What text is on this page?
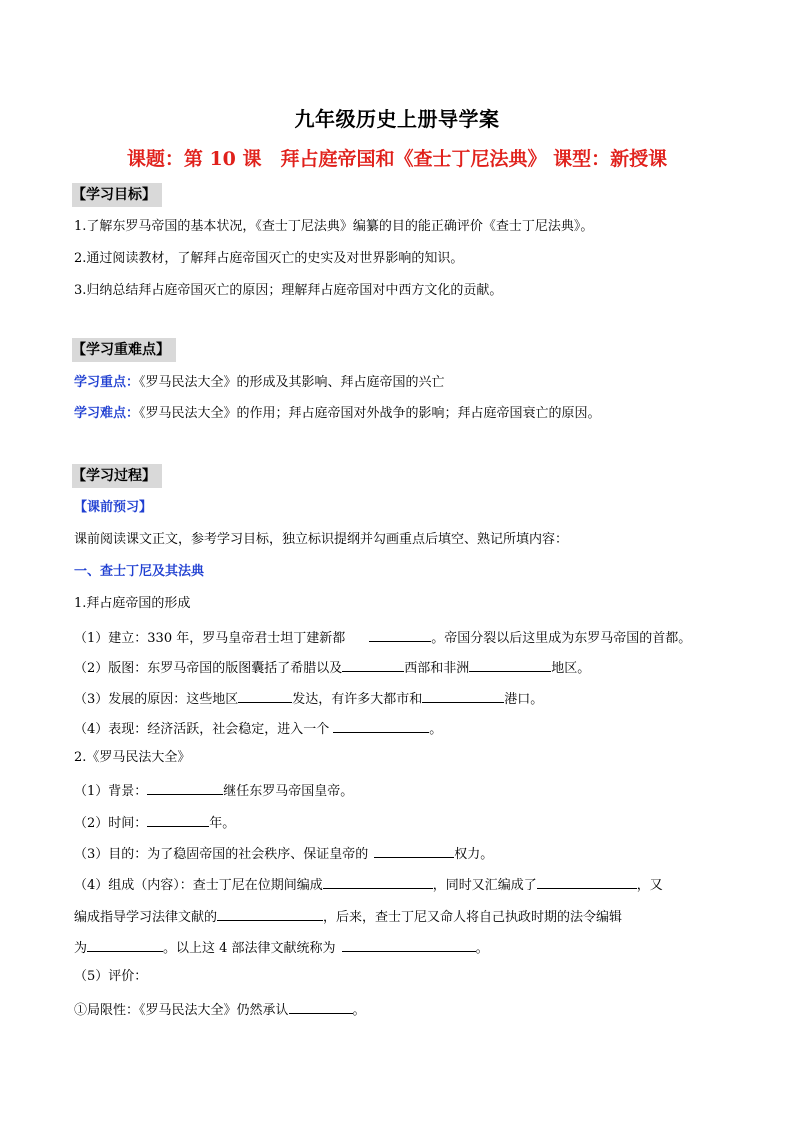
九年级历史上册导学案
课题：第 10 课　拜占庭帝国和《查士丁尼法典》 课型：新授课
【学习目标】
1.了解东罗马帝国的基本状况，《查士丁尼法典》编纂的目的能正确评价《查士丁尼法典》。
2.通过阅读教材，了解拜占庭帝国灭亡的史实及对世界影响的知识。
3.归纳总结拜占庭帝国灭亡的原因；理解拜占庭帝国对中西方文化的贡献。
【学习重难点】
学习重点：《罗马民法大全》的形成及其影响、拜占庭帝国的兴亡
学习难点：《罗马民法大全》的作用；拜占庭帝国对外战争的影响；拜占庭帝国衰亡的原因。
【学习过程】
【课前预习】
课前阅读课文正文，参考学习目标，独立标识提纲并勾画重点后填空、熟记所填内容：
一、查士丁尼及其法典
1.拜占庭帝国的形成
（1）建立：330 年，罗马皇帝君士坦丁建新都	。帝国分裂以后这里成为东罗马帝国的首都。
（2）版图：东罗马帝国的版图囊括了希腊以及	西部和非洲	地区。
（3）发展的原因：这些地区	发达，有许多大都市和	港口。
（4）表现：经济活跃，社会稳定，进入一个	。
2.《罗马民法大全》
（1）背景：	继任东罗马帝国皇帝。
（2）时间：	年。
（3）目的：为了稳固帝国的社会秩序、保证皇帝的	权力。
（4）组成（内容）：查士丁尼在位期间编成	，同时又汇编成了	，又
编成指导学习法律文献的	，后来，查士丁尼又命人将自己执政时期的法令编辑
为	。以上这 4 部法律文献统称为	。
（5）评价：
①局限性：《罗马民法大全》仍然承认	。
